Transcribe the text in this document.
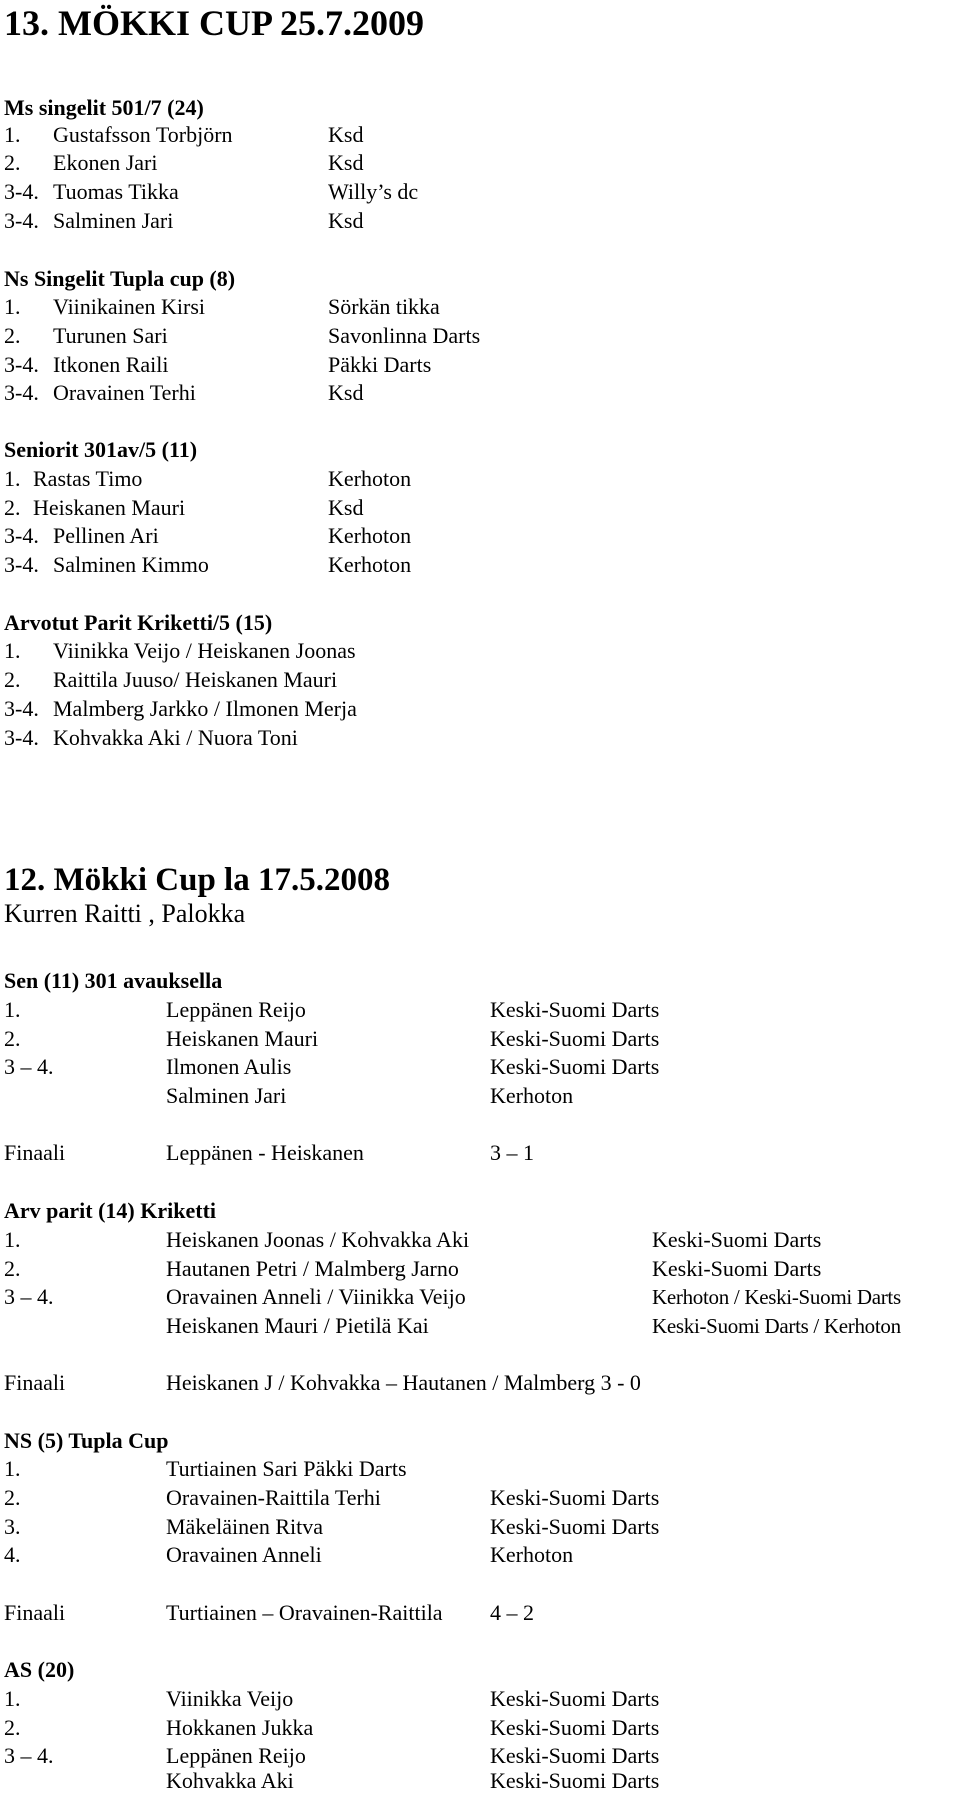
13. MÖKKI CUP 25.7.2009
Ms singelit 501/7 (24)
1. Gustafsson Torbjörn	Ksd
2. Ekonen Jari	Ksd
3-4. Tuomas Tikka	Willy’s dc
3-4. Salminen Jari	Ksd
Ns Singelit Tupla cup (8)
1. Viinikainen Kirsi	Sörkän tikka
2. Turunen Sari	Savonlinna Darts
3-4. Itkonen Raili	Päkki Darts
3-4. Oravainen Terhi	Ksd
Seniorit 301av/5 (11)
1. Rastas Timo	Kerhoton
2. Heiskanen Mauri	Ksd
3-4. Pellinen Ari	Kerhoton
3-4. Salminen Kimmo	Kerhoton
Arvotut Parit Kriketti/5 (15)
1. Viinikka Veijo / Heiskanen Joonas
2. Raittila Juuso/ Heiskanen Mauri
3-4. Malmberg Jarkko / Ilmonen Merja
3-4. Kohvakka Aki / Nuora Toni
12. Mökki Cup la 17.5.2008
Kurren Raitti , Palokka
Sen (11) 301 avauksella
1.	Leppänen Reijo	Keski-Suomi Darts
2.	Heiskanen Mauri	Keski-Suomi Darts
3 – 4.	Ilmonen Aulis	Keski-Suomi Darts
Salminen Jari	Kerhoton
Finaali	Leppänen - Heiskanen	3 – 1
Arv parit (14) Kriketti
1.	Heiskanen Joonas / Kohvakka Aki	Keski-Suomi Darts
2.	Hautanen Petri / Malmberg Jarno	Keski-Suomi Darts
3 – 4.	Oravainen Anneli / Viinikka Veijo	Kerhoton / Keski-Suomi Darts
Heiskanen Mauri / Pietilä Kai	Keski-Suomi Darts / Kerhoton
Finaali	Heiskanen J / Kohvakka – Hautanen / Malmberg 3 - 0
NS (5) Tupla Cup
1.	Turtiainen Sari Päkki Darts
2.	Oravainen-Raittila Terhi	Keski-Suomi Darts
3.	Mäkeläinen Ritva	Keski-Suomi Darts
4.	Oravainen Anneli	Kerhoton
Finaali	Turtiainen – Oravainen-Raittila 4 – 2
AS (20)
1.	Viinikka Veijo	Keski-Suomi Darts
2.	Hokkanen Jukka	Keski-Suomi Darts
3 – 4.	Leppänen Reijo	Keski-Suomi Darts
Kohvakka Aki	Keski-Suomi Darts
